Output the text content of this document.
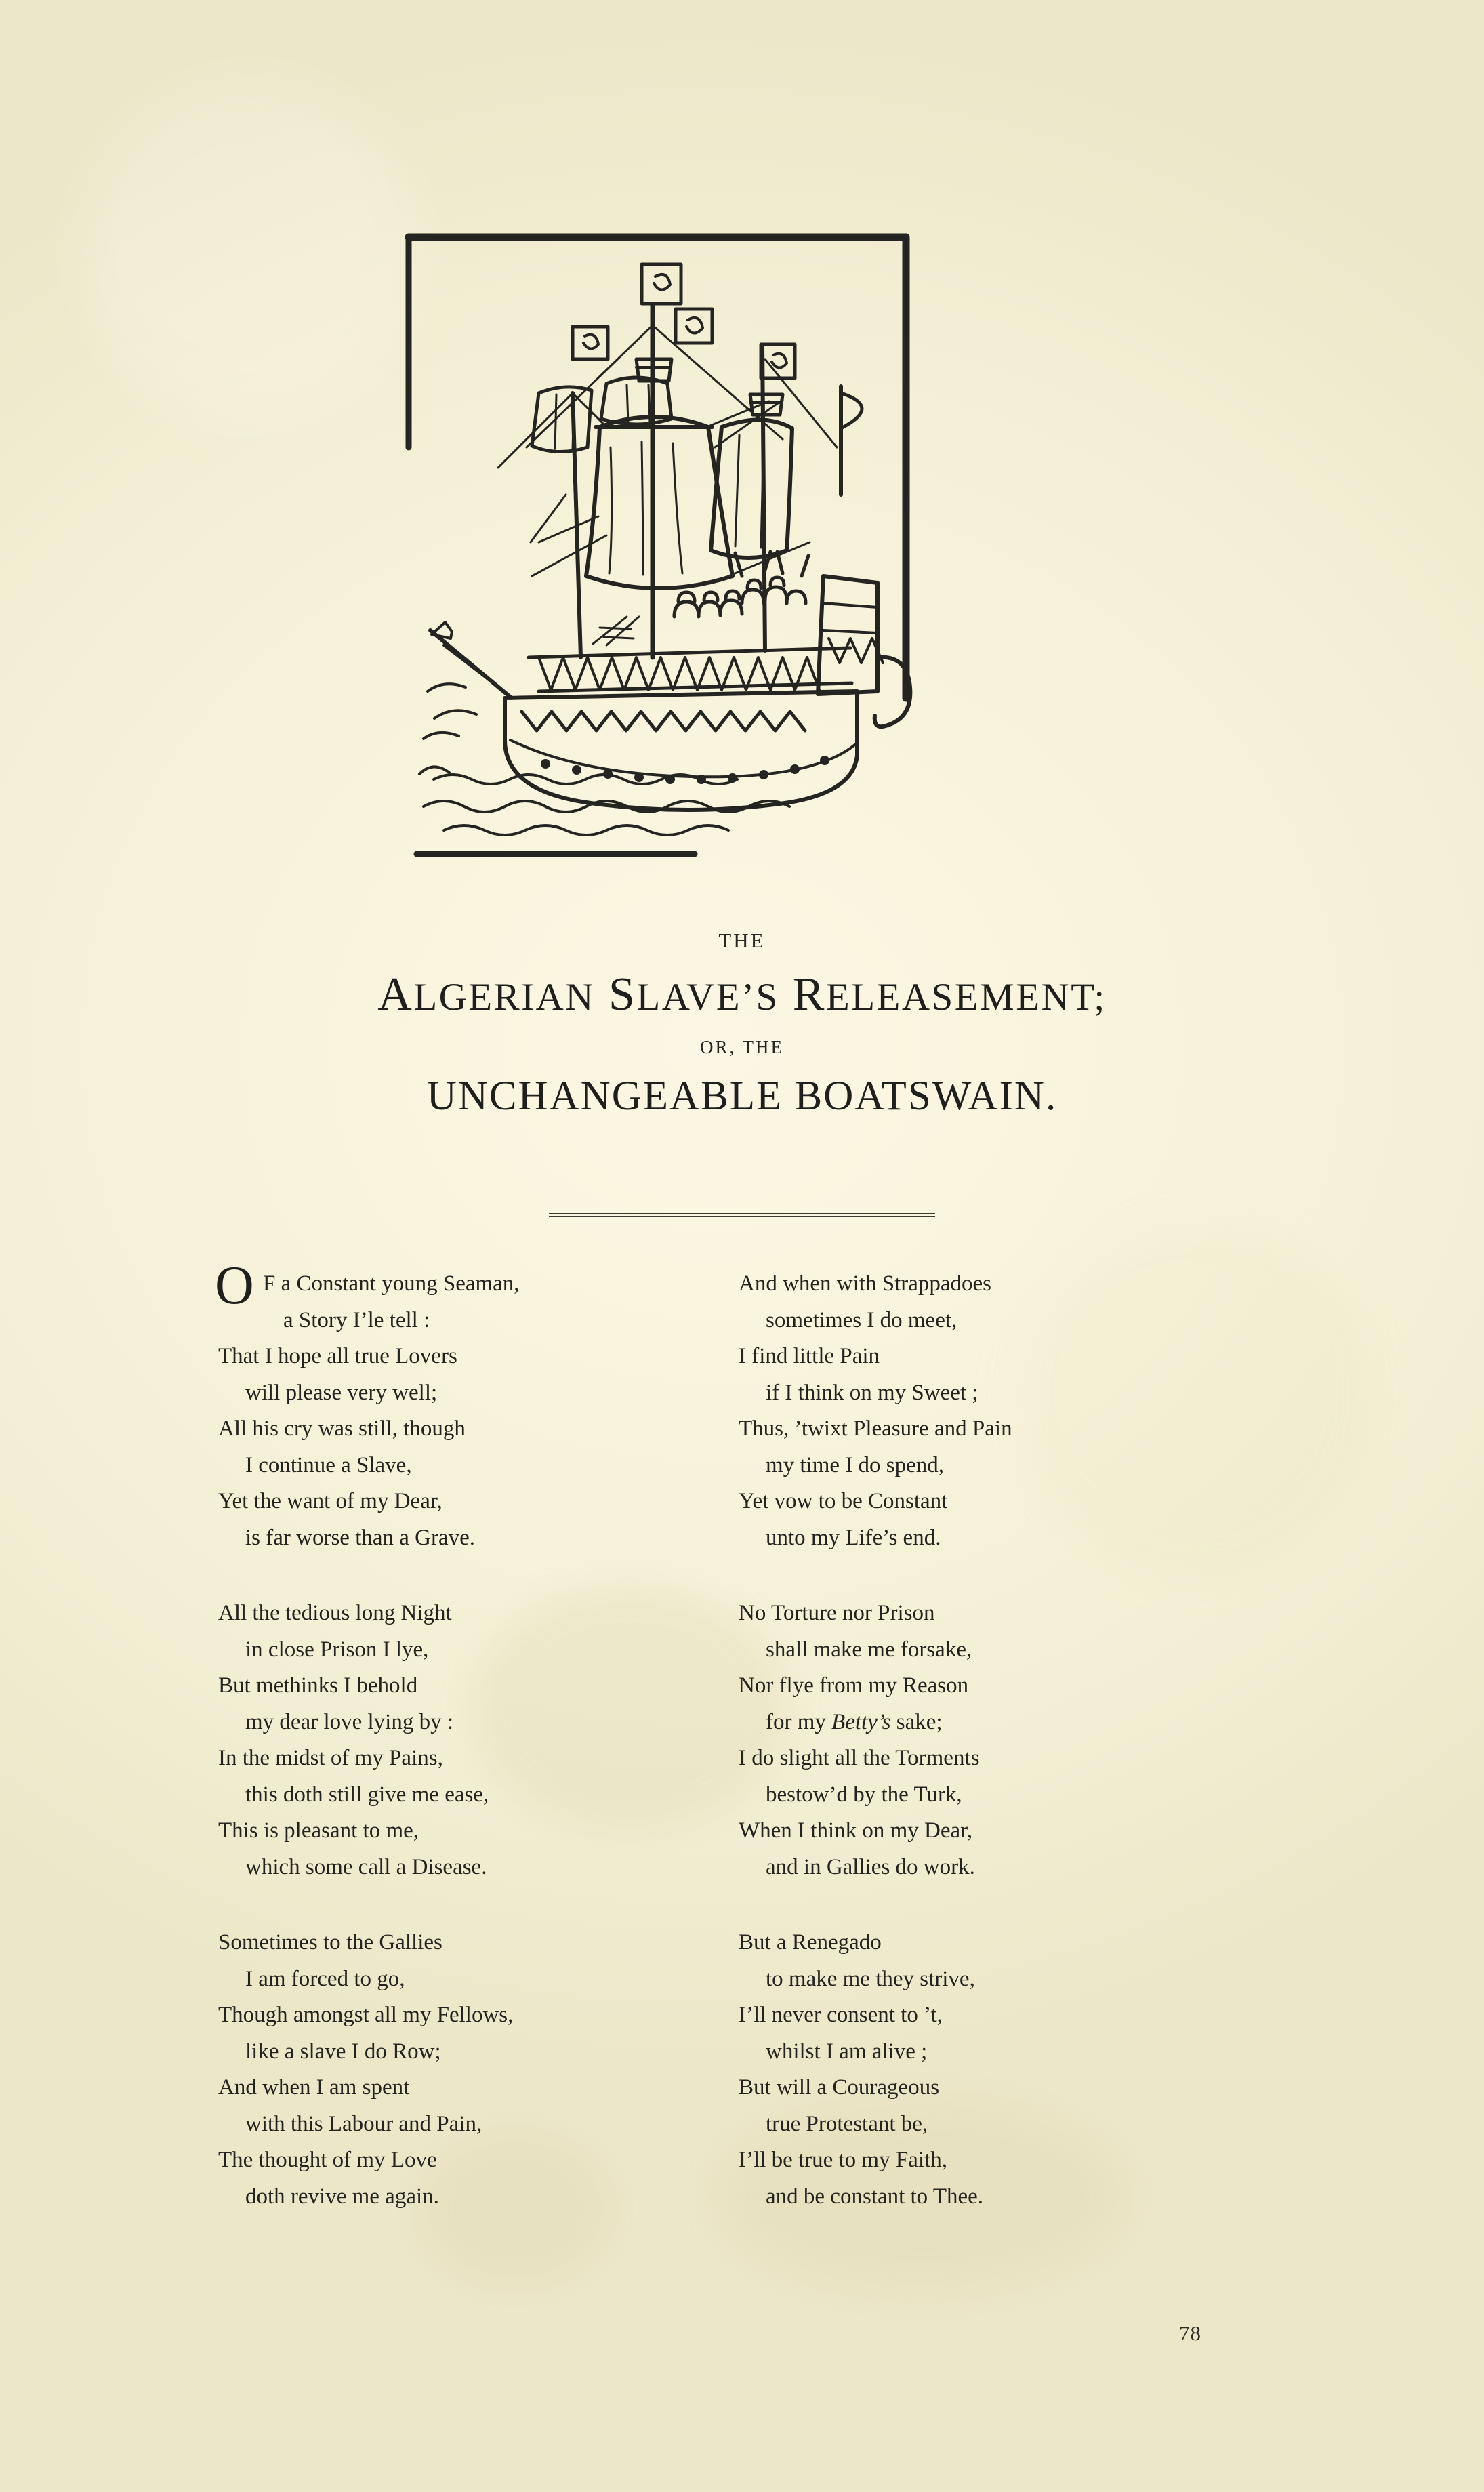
THE
ALGERIAN SLAVE’S RELEASEMENT;
OR, THE
UNCHANGEABLE BOATSWAIN.
O F a Constant young Seaman,
a Story I’le tell :
That I hope all true Lovers
will please very well;
All his cry was still, though
I continue a Slave,
Yet the want of my Dear,
is far worse than a Grave.
All the tedious long Night
in close Prison I lye,
But methinks I behold
my dear love lying by :
In the midst of my Pains,
this doth still give me ease,
This is pleasant to me,
which some call a Disease.
Sometimes to the Gallies
I am forced to go,
Though amongst all my Fellows,
like a slave I do Row;
And when I am spent
with this Labour and Pain,
The thought of my Love
doth revive me again.
And when with Strappadoes
sometimes I do meet,
I find little Pain
if I think on my Sweet ;
Thus, ’twixt Pleasure and Pain
my time I do spend,
Yet vow to be Constant
unto my Life’s end.
No Torture nor Prison
shall make me forsake,
Nor flye from my Reason
for my Betty’s sake;
I do slight all the Torments
bestow’d by the Turk,
When I think on my Dear,
and in Gallies do work.
But a Renegado
to make me they strive,
I’ll never consent to ’t,
whilst I am alive ;
But will a Courageous
true Protestant be,
I’ll be true to my Faith,
and be constant to Thee.
78
